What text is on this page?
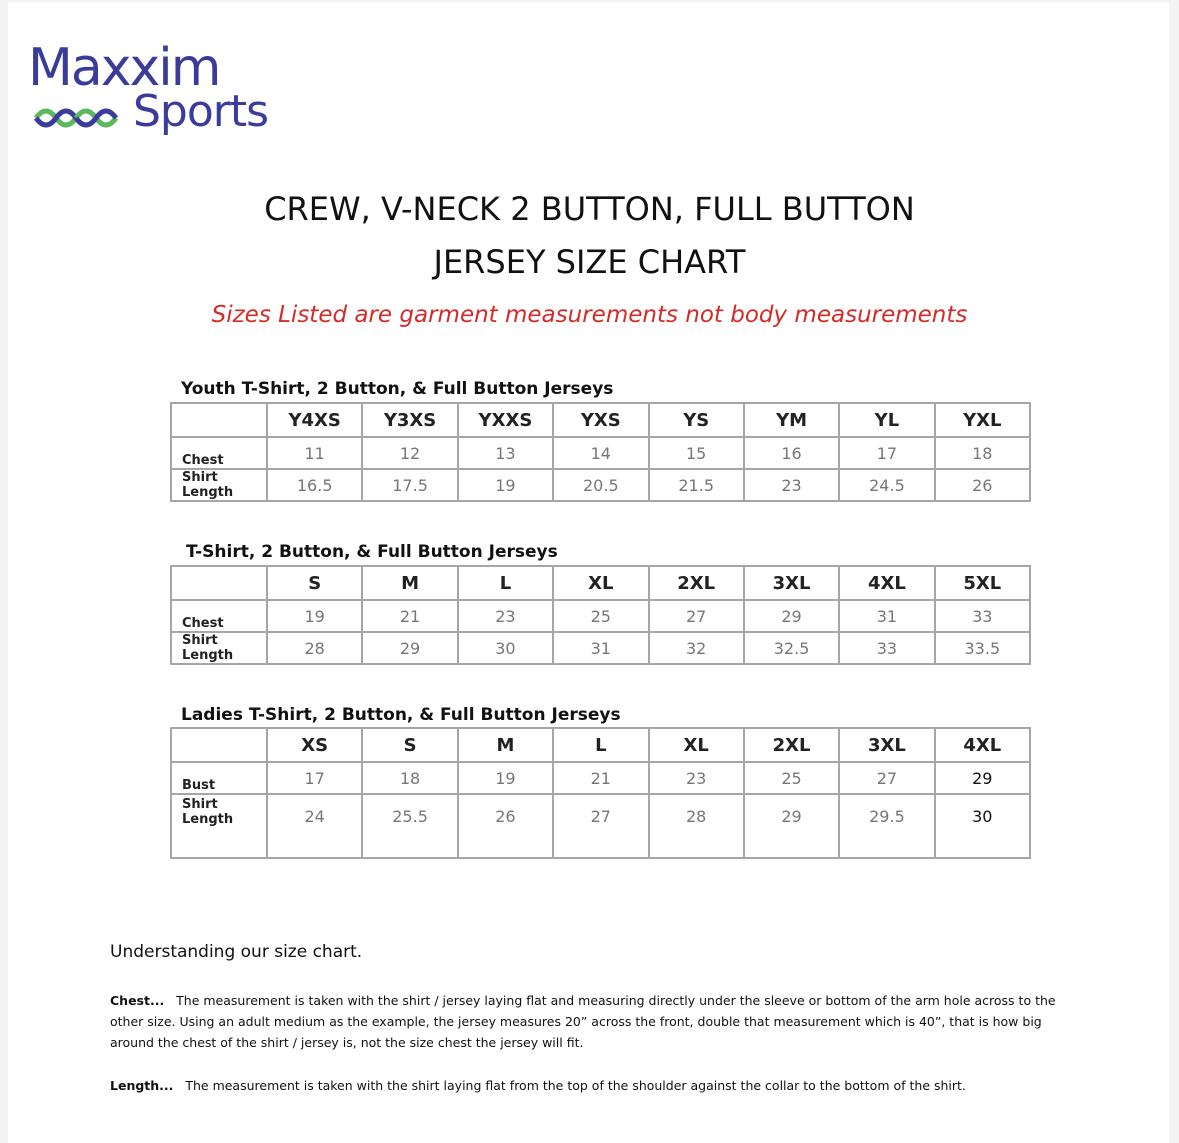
Maxxim
Sports
CREW, V-NECK 2 BUTTON, FULL BUTTON
JERSEY SIZE CHART
Sizes Listed are garment measurements not body measurements
Youth T-Shirt, 2 Button, & Full Button Jerseys
	Y4XS	Y3XS	YXXS	YXS	YS	YM	YL	YXL
Chest	11	12	13	14	15	16	17	18
Shirt
Length	16.5	17.5	19	20.5	21.5	23	24.5	26
T-Shirt, 2 Button, & Full Button Jerseys
	S	M	L	XL	2XL	3XL	4XL	5XL
Chest	19	21	23	25	27	29	31	33
Shirt
Length	28	29	30	31	32	32.5	33	33.5
Ladies T-Shirt, 2 Button, & Full Button Jerseys
	XS	S	M	L	XL	2XL	3XL	4XL
Bust	17	18	19	21	23	25	27	29
Shirt
Length	24	25.5	26	27	28	29	29.5	30
Understanding our size chart.
Chest... The measurement is taken with the shirt / jersey laying flat and measuring directly under the sleeve or bottom of the arm hole across to the other size. Using an adult medium as the example, the jersey measures 20” across the front, double that measurement which is 40”, that is how big around the chest of the shirt / jersey is, not the size chest the jersey will fit.
Length... The measurement is taken with the shirt laying flat from the top of the shoulder against the collar to the bottom of the shirt.
